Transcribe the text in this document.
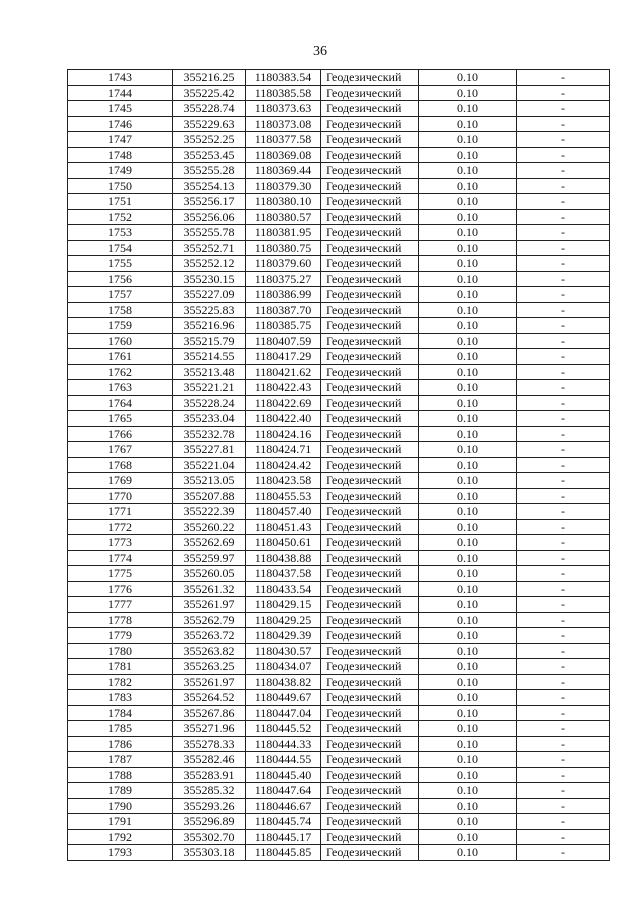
36
1743	355216.25	1180383.54	Геодезический	0.10	-
1744	355225.42	1180385.58	Геодезический	0.10	-
1745	355228.74	1180373.63	Геодезический	0.10	-
1746	355229.63	1180373.08	Геодезический	0.10	-
1747	355252.25	1180377.58	Геодезический	0.10	-
1748	355253.45	1180369.08	Геодезический	0.10	-
1749	355255.28	1180369.44	Геодезический	0.10	-
1750	355254.13	1180379.30	Геодезический	0.10	-
1751	355256.17	1180380.10	Геодезический	0.10	-
1752	355256.06	1180380.57	Геодезический	0.10	-
1753	355255.78	1180381.95	Геодезический	0.10	-
1754	355252.71	1180380.75	Геодезический	0.10	-
1755	355252.12	1180379.60	Геодезический	0.10	-
1756	355230.15	1180375.27	Геодезический	0.10	-
1757	355227.09	1180386.99	Геодезический	0.10	-
1758	355225.83	1180387.70	Геодезический	0.10	-
1759	355216.96	1180385.75	Геодезический	0.10	-
1760	355215.79	1180407.59	Геодезический	0.10	-
1761	355214.55	1180417.29	Геодезический	0.10	-
1762	355213.48	1180421.62	Геодезический	0.10	-
1763	355221.21	1180422.43	Геодезический	0.10	-
1764	355228.24	1180422.69	Геодезический	0.10	-
1765	355233.04	1180422.40	Геодезический	0.10	-
1766	355232.78	1180424.16	Геодезический	0.10	-
1767	355227.81	1180424.71	Геодезический	0.10	-
1768	355221.04	1180424.42	Геодезический	0.10	-
1769	355213.05	1180423.58	Геодезический	0.10	-
1770	355207.88	1180455.53	Геодезический	0.10	-
1771	355222.39	1180457.40	Геодезический	0.10	-
1772	355260.22	1180451.43	Геодезический	0.10	-
1773	355262.69	1180450.61	Геодезический	0.10	-
1774	355259.97	1180438.88	Геодезический	0.10	-
1775	355260.05	1180437.58	Геодезический	0.10	-
1776	355261.32	1180433.54	Геодезический	0.10	-
1777	355261.97	1180429.15	Геодезический	0.10	-
1778	355262.79	1180429.25	Геодезический	0.10	-
1779	355263.72	1180429.39	Геодезический	0.10	-
1780	355263.82	1180430.57	Геодезический	0.10	-
1781	355263.25	1180434.07	Геодезический	0.10	-
1782	355261.97	1180438.82	Геодезический	0.10	-
1783	355264.52	1180449.67	Геодезический	0.10	-
1784	355267.86	1180447.04	Геодезический	0.10	-
1785	355271.96	1180445.52	Геодезический	0.10	-
1786	355278.33	1180444.33	Геодезический	0.10	-
1787	355282.46	1180444.55	Геодезический	0.10	-
1788	355283.91	1180445.40	Геодезический	0.10	-
1789	355285.32	1180447.64	Геодезический	0.10	-
1790	355293.26	1180446.67	Геодезический	0.10	-
1791	355296.89	1180445.74	Геодезический	0.10	-
1792	355302.70	1180445.17	Геодезический	0.10	-
1793	355303.18	1180445.85	Геодезический	0.10	-
